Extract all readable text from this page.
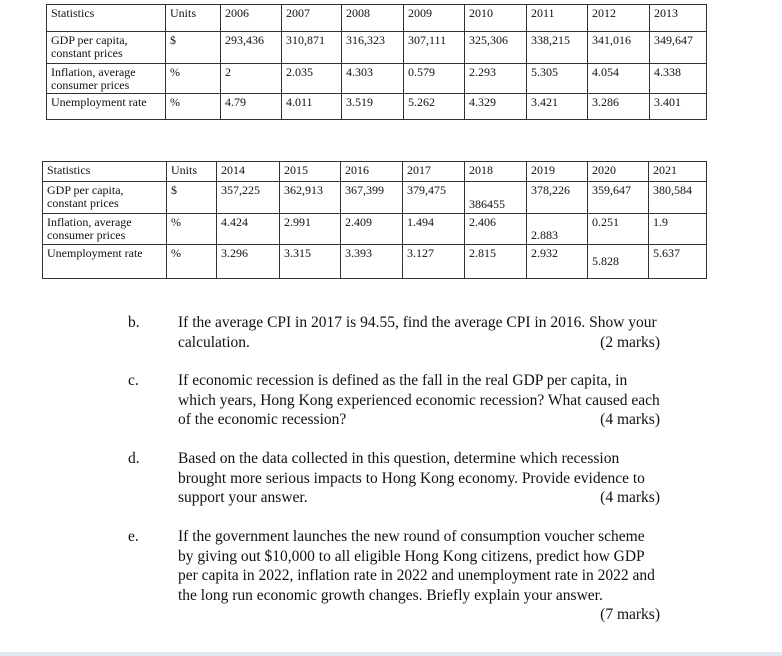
Statistics	Units	2006	2007	2008	2009	2010	2011	2012	2013
GDP per capita, constant prices	$	293,436	310,871	316,323	307,111	325,306	338,215	341,016	349,647
Inflation, average consumer prices	%	2	2.035	4.303	0.579	2.293	5.305	4.054	4.338
Unemployment rate	%	4.79	4.011	3.519	5.262	4.329	3.421	3.286	3.401
Statistics	Units	2014	2015	2016	2017	2018	2019	2020	2021
GDP per capita, constant prices	$	357,225	362,913	367,399	379,475	386455	378,226	359,647	380,584
Inflation, average consumer prices	%	4.424	2.991	2.409	1.494	2.406	2.883	0.251	1.9
Unemployment rate	%	3.296	3.315	3.393	3.127	2.815	2.932	5.828	5.637
b.	If the average CPI in 2017 is 94.55, find the average CPI in 2016. Show your calculation.	(2 marks)
c.	If economic recession is defined as the fall in the real GDP per capita, in which years, Hong Kong experienced economic recession? What caused each of the economic recession?	(4 marks)
d.	Based on the data collected in this question, determine which recession brought more serious impacts to Hong Kong economy. Provide evidence to support your answer.	(4 marks)
e.	If the government launches the new round of consumption voucher scheme by giving out $10,000 to all eligible Hong Kong citizens, predict how GDP per capita in 2022, inflation rate in 2022 and unemployment rate in 2022 and the long run economic growth changes. Briefly explain your answer.
(7 marks)
